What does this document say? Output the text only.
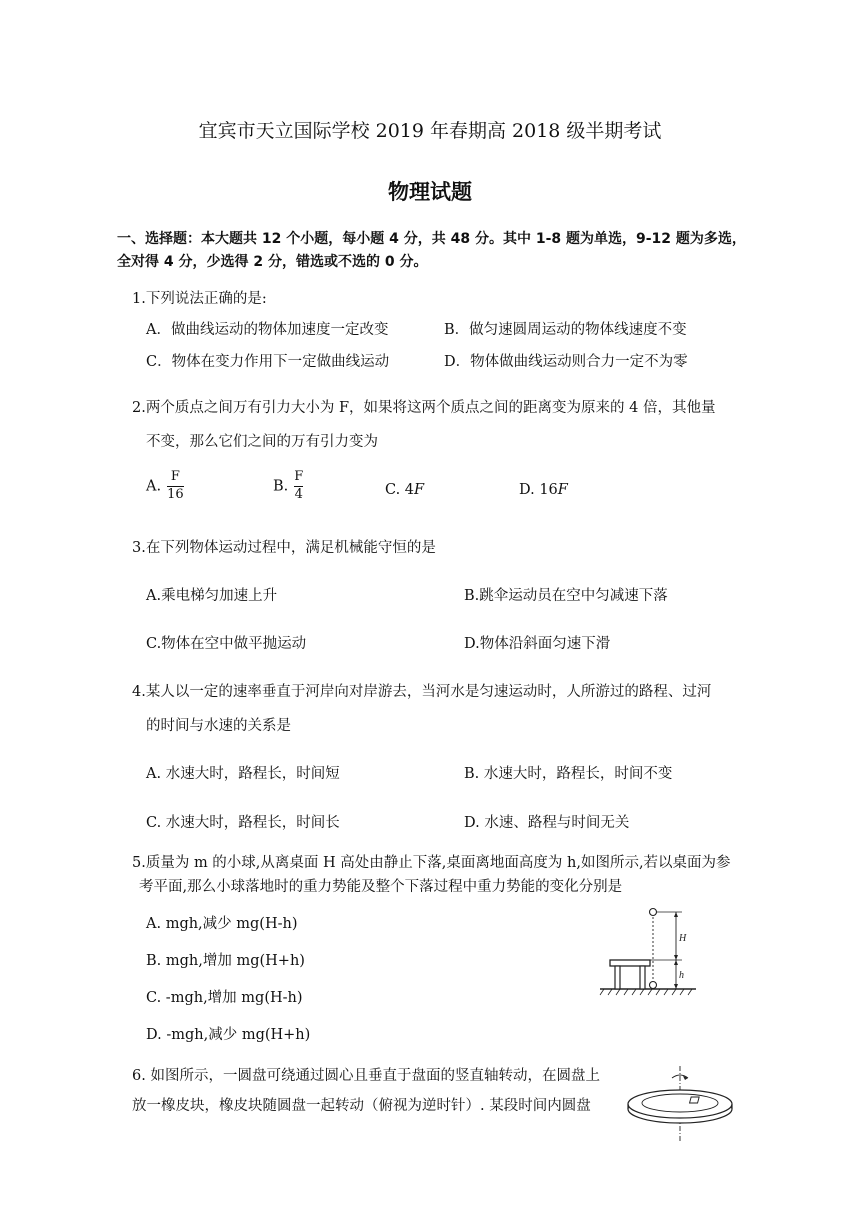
宜宾市天立国际学校 2019 年春期高 2018 级半期考试
物理试题
一、选择题：本大题共 12 个小题，每小题 4 分，共 48 分。其中 1-8 题为单选，9-12 题为多选，
全对得 4 分，少选得 2 分，错选或不选的 0 分。
1.下列说法正确的是:
A．做曲线运动的物体加速度一定改变	B．做匀速圆周运动的物体线速度不变
C．物体在变力作用下一定做曲线运动	D．物体做曲线运动则合力一定不为零
2.两个质点之间万有引力大小为 F，如果将这两个质点之间的距离变为原来的 4 倍，其他量
不变，那么它们之间的万有引力变为
A. $\frac{F}{16}$	B. $\frac{F}{4}$	C. 4F	D. 16F
3.在下列物体运动过程中，满足机械能守恒的是
A.乘电梯匀加速上升	B.跳伞运动员在空中匀减速下落
C.物体在空中做平抛运动	D.物体沿斜面匀速下滑
4.某人以一定的速率垂直于河岸向对岸游去，当河水是匀速运动时，人所游过的路程、过河
的时间与水速的关系是
A. 水速大时，路程长，时间短	B. 水速大时，路程长，时间不变
C. 水速大时，路程长，时间长	D. 水速、路程与时间无关
5.质量为 m 的小球,从离桌面 H 高处由静止下落,桌面离地面高度为 h,如图所示,若以桌面为参
考平面,那么小球落地时的重力势能及整个下落过程中重力势能的变化分别是
A. mgh,减少 mg(H-h)
B. mgh,增加 mg(H+h)
C. -mgh,增加 mg(H-h)
D. -mgh,减少 mg(H+h)
H
h
6. 如图所示，一圆盘可绕通过圆心且垂直于盘面的竖直轴转动，在圆盘上
放一橡皮块，橡皮块随圆盘一起转动（俯视为逆时针）. 某段时间内圆盘
